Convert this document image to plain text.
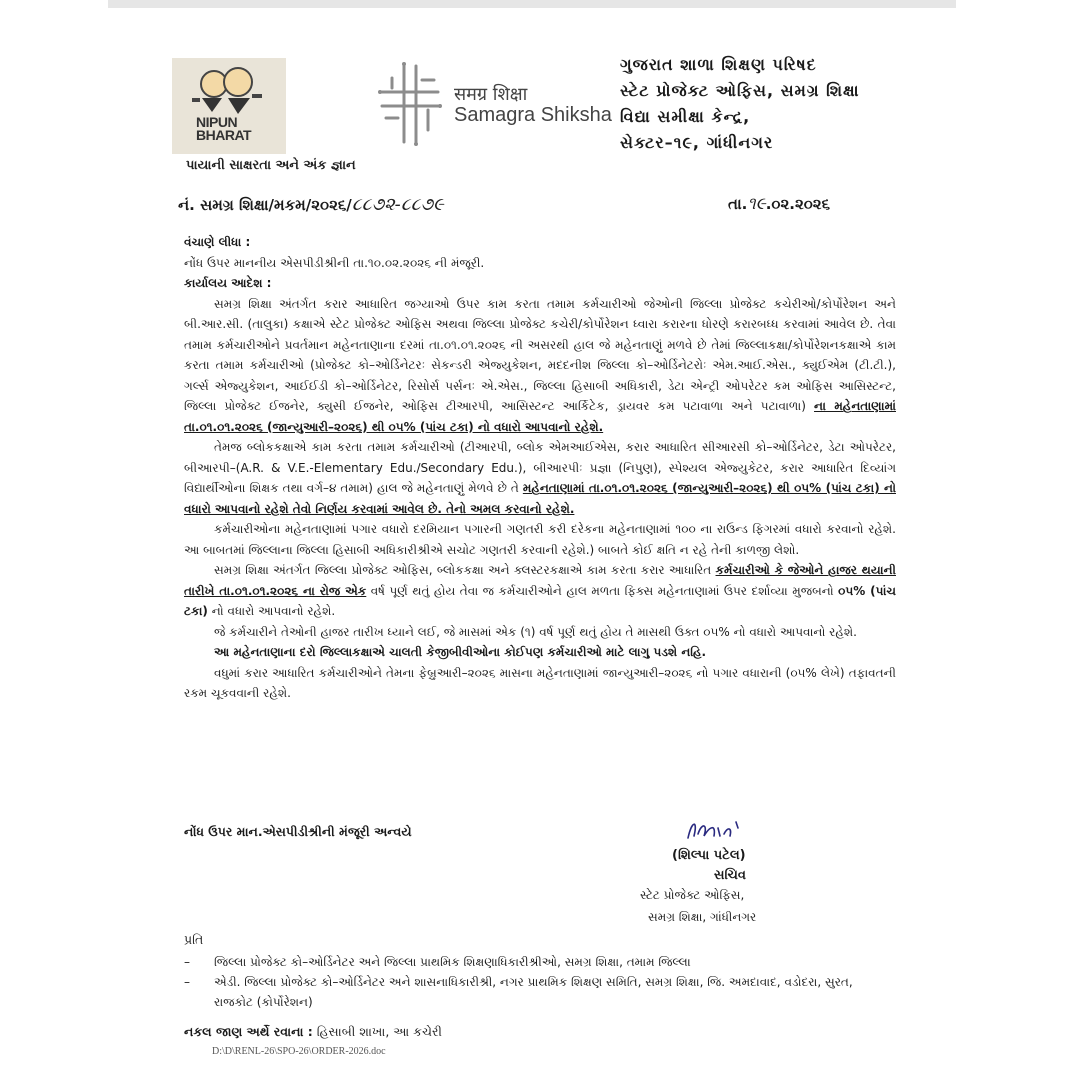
NIPUN BHARAT
પાયાની સાક્ષરતા અને અંક જ્ઞાન
समग्र शिक्षा
Samagra Shiksha
ગુજરાત શાળા શિક્ષણ પરિષદ
સ્ટેટ પ્રોજેક્ટ ઓફિસ, સમગ્ર શિક્ષા
વિદ્યા સમીક્ષા કેન્દ્ર,
સેક્ટર–૧૯, ગાંધીનગર
નં. સમગ્ર શિક્ષા/મકમ/૨૦૨૬/૮૮૭૨-૮૮૭૯	તા.૧૯.૦૨.૨૦૨૬

વંચાણે લીધા :

નોંધ ઉપર માનનીય એસપીડીશ્રીની તા.૧૦.૦૨.૨૦૨૬ ની મંજૂરી.

કાર્યાલય આદેશ :

સમગ્ર શિક્ષા અંતર્ગત કરાર આધારિત જગ્યાઓ ઉપર કામ કરતા તમામ કર્મચારીઓ જેઓની જિલ્લા પ્રોજેક્ટ કચેરીઓ/કોર્પોરેશન અને બી.આર.સી. (તાલુકા) કક્ષાએ સ્ટેટ પ્રોજેક્ટ ઓફિસ અથવા જિલ્લા પ્રોજેક્ટ કચેરી/કોર્પોરેશન ધ્વારા કરારના ધોરણે કરારબધ્ધ કરવામાં આવેલ છે. તેવા તમામ કર્મચારીઓને પ્રવર્તમાન મહેનતાણાના દરમાં તા.૦૧.૦૧.૨૦૨૬ ની અસરથી હાલ જે મહેનતાણું મળવે છે તેમાં જિલ્લાકક્ષા/કોર્પોરેશનકક્ષાએ કામ કરતા તમામ કર્મચારીઓ (પ્રોજેક્ટ કો–ઓર્ડિનેટરઃ સેકન્ડરી એજ્યુકેશન, મદદનીશ જિલ્લા કો–ઓર્ડિનેટરોઃ એમ.આઈ.એસ., ક્યુઈએમ (ટી.ટી.), ગર્લ્સ એજ્યુકેશન, આઈઈડી કો–ઓર્ડિનેટર, રિસોર્સ પર્સનઃ એ.એસ., જિલ્લા હિસાબી અધિકારી, ડેટા એન્ટ્રી ઓપરેટર કમ ઓફિસ આસિસ્ટન્ટ, જિલ્લા પ્રોજેક્ટ ઈજનેર, ક્યુસી ઈજનેર, ઓફિસ ટીઆરપી, આસિસ્ટન્ટ આર્કિટેક, ડ્રાયવર કમ પટાવાળા અને પટાવાળા) ના મહેનતાણામાં તા.૦૧.૦૧.૨૦૨૬ (જાન્યુઆરી–૨૦૨૬) થી ૦૫% (પાંચ ટકા) નો વધારો આપવાનો રહેશે.

તેમજ બ્લોકકક્ષાએ કામ કરતા તમામ કર્મચારીઓ (ટીઆરપી, બ્લોક એમઆઈએસ, કરાર આધારિત સીઆરસી કો–ઓર્ડિનેટર, ડેટા ઓપરેટર, બીઆરપી–(A.R. & V.E.-Elementary Edu./Secondary Edu.), બીઆરપીઃ પ્રજ્ઞા (નિપુણ), સ્પેશ્યલ એજ્યુકેટર, કરાર આધારિત દિવ્યાંગ વિદ્યાર્થીઓના શિક્ષક તથા વર્ગ–૪ તમામ) હાલ જે મહેનતાણું મેળવે છે તે મહેનતાણામાં તા.૦૧.૦૧.૨૦૨૬ (જાન્યુઆરી–૨૦૨૬) થી ૦૫% (પાંચ ટકા) નો વધારો આપવાનો રહેશે તેવો નિર્ણય કરવામાં આવેલ છે. તેનો અમલ કરવાનો રહેશે.

કર્મચારીઓના મહેનતાણામાં પગાર વધારો દરમિયાન પગારની ગણતરી કરી દરેકના મહેનતાણામાં ૧૦૦ ના રાઉન્ડ ફિગરમાં વધારો કરવાનો રહેશે. આ બાબતમાં જિલ્લાના જિલ્લા હિસાબી અધિકારીશ્રીએ સચોટ ગણતરી કરવાની રહેશે.) બાબતે કોઈ ક્ષતિ ન રહે તેની કાળજી લેશો.

સમગ્ર શિક્ષા અંતર્ગત જિલ્લા પ્રોજેક્ટ ઓફિસ, બ્લોકકક્ષા અને ક્લસ્ટરકક્ષાએ કામ કરતા કરાર આધારિત કર્મચારીઓ કે જેઓને હાજર થયાની તારીખે તા.૦૧.૦૧.૨૦૨૬ ના રોજ એક વર્ષ પૂર્ણ થતું હોય તેવા જ કર્મચારીઓને હાલ મળતા ફિક્સ મહેનતાણામાં ઉપર દર્શાવ્યા મુજબનો ૦૫% (પાંચ ટકા) નો વધારો આપવાનો રહેશે.

જે કર્મચારીને તેઓની હાજર તારીખ ધ્યાને લઈ, જે માસમાં એક (૧) વર્ષ પૂર્ણ થતું હોય તે માસથી ઉક્ત ૦૫% નો વધારો આપવાનો રહેશે.

આ મહેનતાણાના દરો જિલ્લાકક્ષાએ ચાલતી કેજીબીવીઓના કોઈપણ કર્મચારીઓ માટે લાગુ પડશે નહિ.

વધુમાં કરાર આધારિત કર્મચારીઓને તેમના ફેબ્રુઆરી–૨૦૨૬ માસના મહેનતાણામાં જાન્યુઆરી–૨૦૨૬ નો પગાર વધારાની (૦૫% લેખે) તફાવતની રકમ ચૂકવવાની રહેશે.

નોંધ ઉપર માન.એસપીડીશ્રીની મંજૂરી અન્વયે
(શિલ્પા પટેલ)
સચિવ
સ્ટેટ પ્રોજેક્ટ ઓફિસ,
સમગ્ર શિક્ષા, ગાંધીનગર
પ્રતિ
–	જિલ્લા પ્રોજેક્ટ કો–ઓર્ડિનેટર અને જિલ્લા પ્રાથમિક શિક્ષણાધિકારીશ્રીઓ, સમગ્ર શિક્ષા, તમામ જિલ્લા
–	એડી. જિલ્લા પ્રોજેક્ટ કો–ઓર્ડિનેટર અને શાસનાધિકારીશ્રી, નગર પ્રાથમિક શિક્ષણ સમિતિ, સમગ્ર શિક્ષા, જિ. અમદાવાદ, વડોદરા, સુરત, રાજકોટ (કોર્પોરેશન)
નકલ જાણ અર્થે રવાના : હિસાબી શાખા, આ કચેરી
D:\D\RENL-26\SPO-26\ORDER-2026.doc
